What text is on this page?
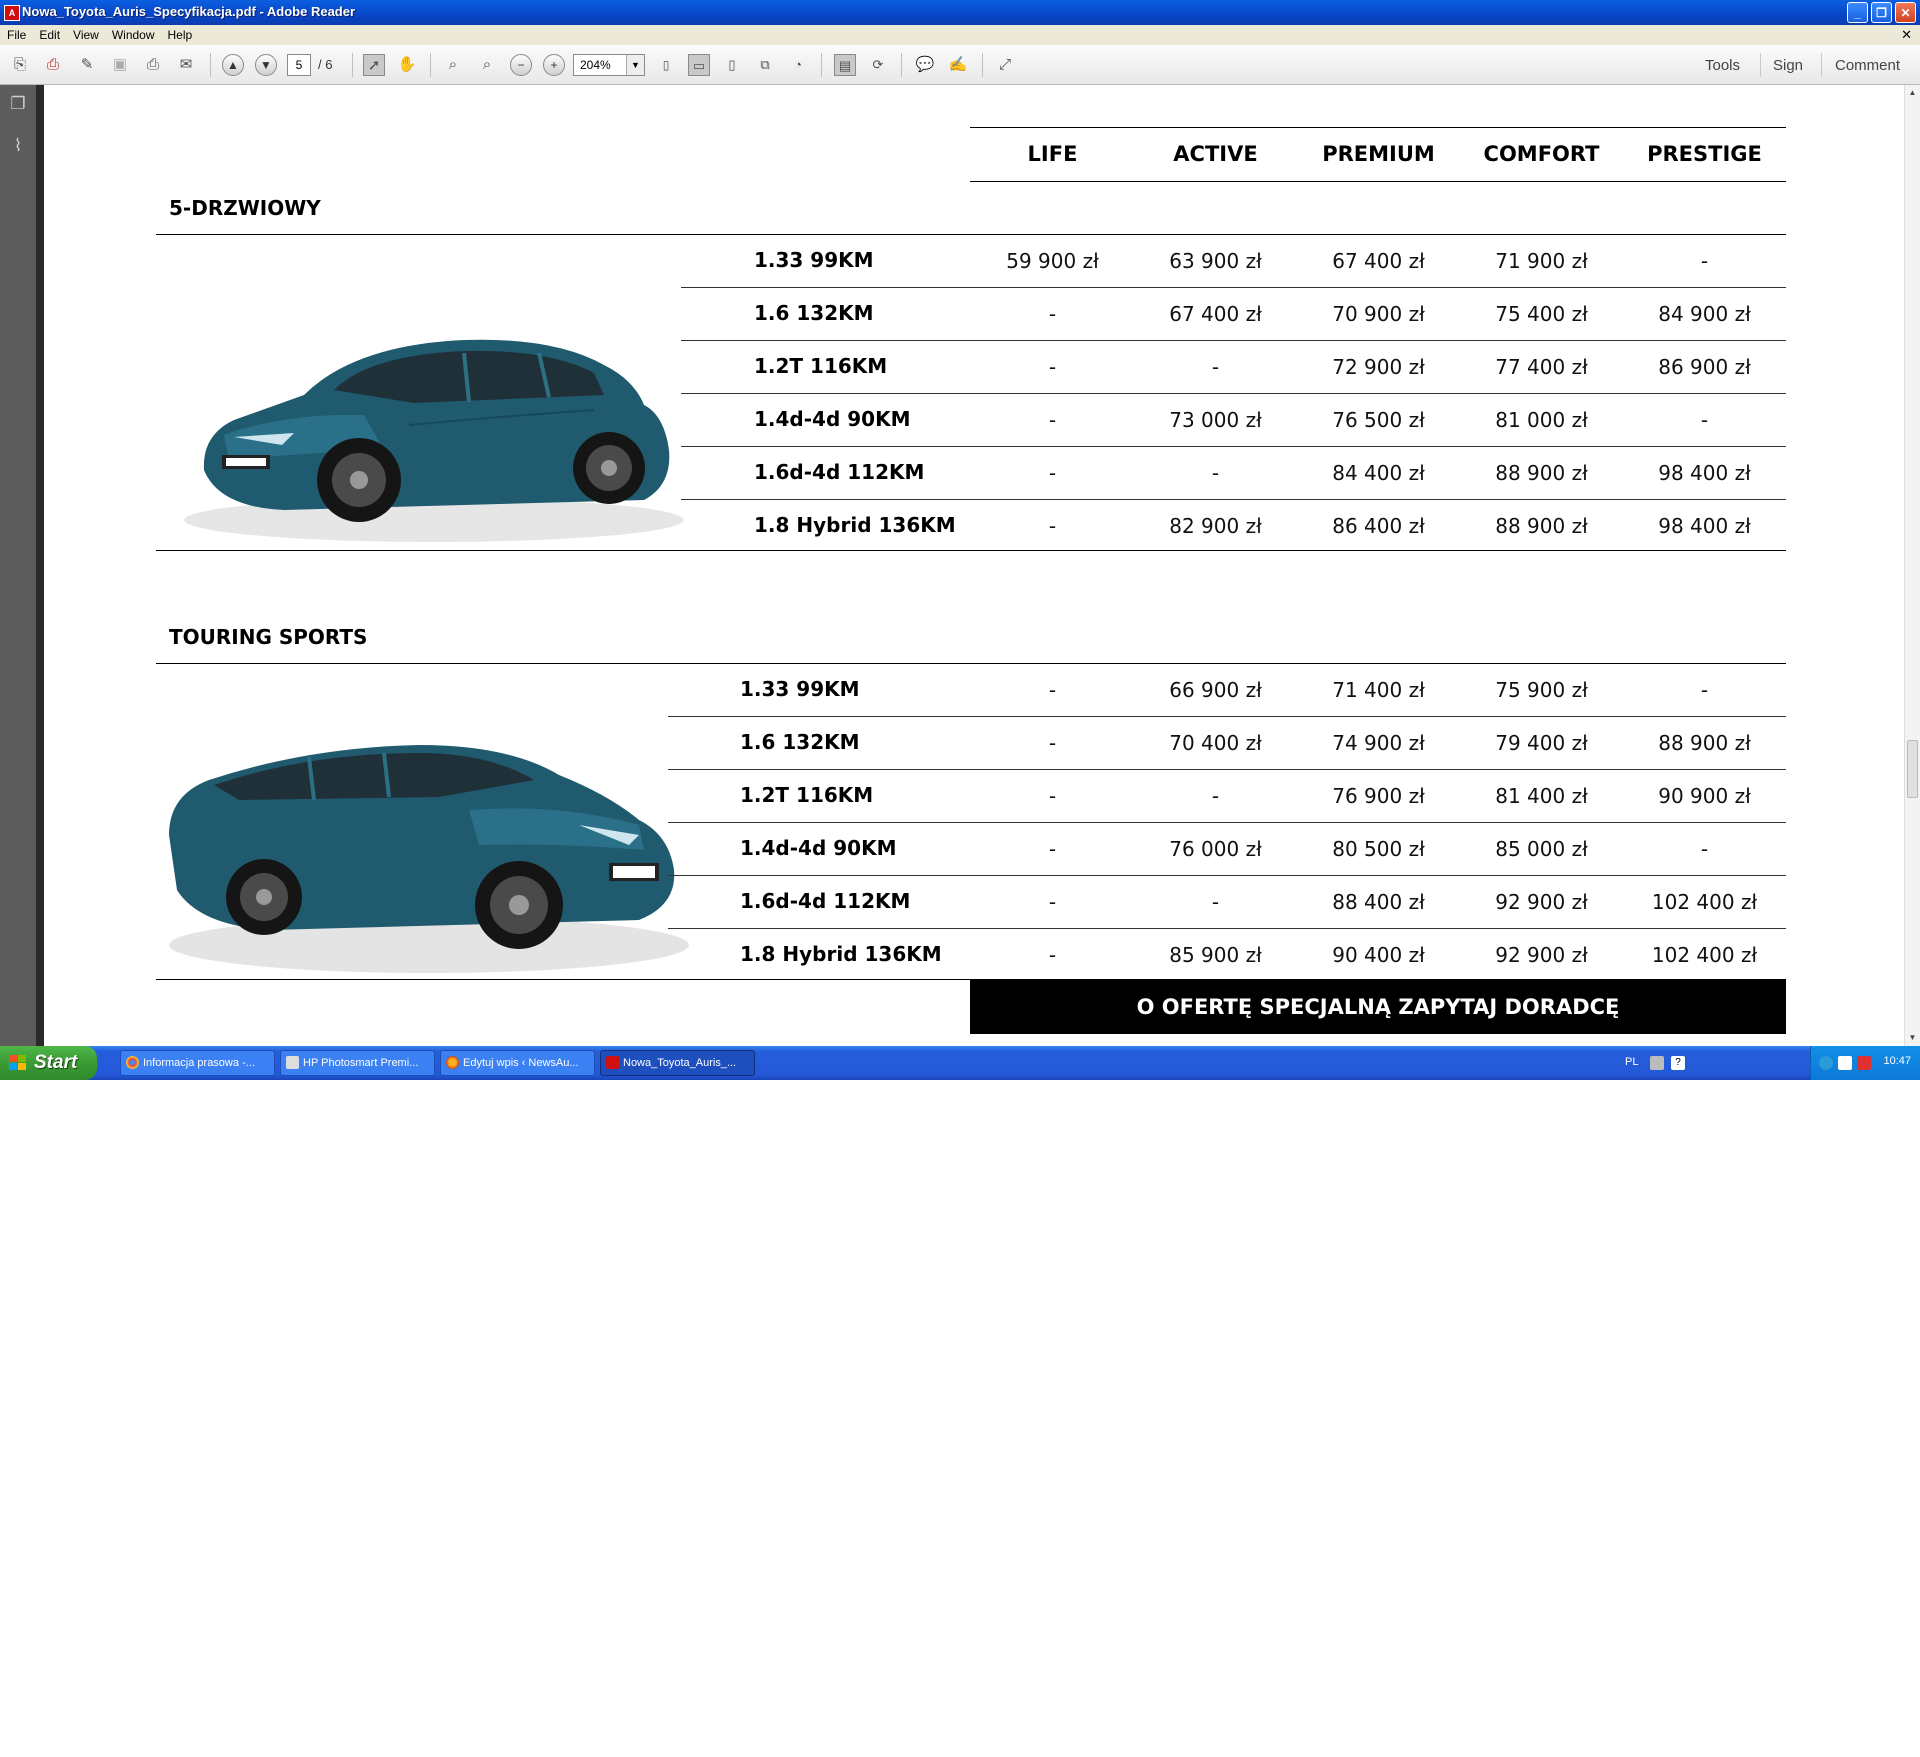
A Nowa_Toyota_Auris_Specyfikacja.pdf - Adobe Reader	_	❐	✕
File Edit View Window Help	✕
⎘	⎙	✎	▣	⎙	✉	▲	▼	5	/ 6	➚	✋	⌕	⌕	−	+	204%	▼	▯	▭	▯	⧉	◔	▤	⟳	💬 ✍	⤢	Tools Sign Comment
❐
⌇	LIFE	ACTIVE	PREMIUM	COMFORT	PRESTIGE
5-DRZWIOWY
1.33 99KM	59 900 zł	63 900 zł	67 400 zł	71 900 zł	-
1.6 132KM	-	67 400 zł	70 900 zł	75 400 zł	84 900 zł
1.2T 116KM	-	-	72 900 zł	77 400 zł	86 900 zł
1.4d-4d 90KM	-	73 000 zł	76 500 zł	81 000 zł	-
1.6d-4d 112KM	-	-	84 400 zł	88 900 zł	98 400 zł
1.8 Hybrid 136KM	-	82 900 zł	86 400 zł	88 900 zł	98 400 zł
TOURING SPORTS
1.33 99KM	-	66 900 zł	71 400 zł	75 900 zł	-
1.6 132KM	-	70 400 zł	74 900 zł	79 400 zł	88 900 zł
1.2T 116KM	-	-	76 900 zł	81 400 zł	90 900 zł
1.4d-4d 90KM	-	76 000 zł	80 500 zł	85 000 zł	-
1.6d-4d 112KM	-	-	88 400 zł	92 900 zł	102 400 zł
1.8 Hybrid 136KM	-	85 900 zł	90 400 zł	92 900 zł	102 400 zł
O OFERTĘ SPECJALNĄ ZAPYTAJ DORADCĘ
▲
▼
Start	Informacja prasowa -...	HP Photosmart Premi...	Edytuj wpis ‹ NewsAu...	Nowa_Toyota_Auris_...	PL	?	10:47
